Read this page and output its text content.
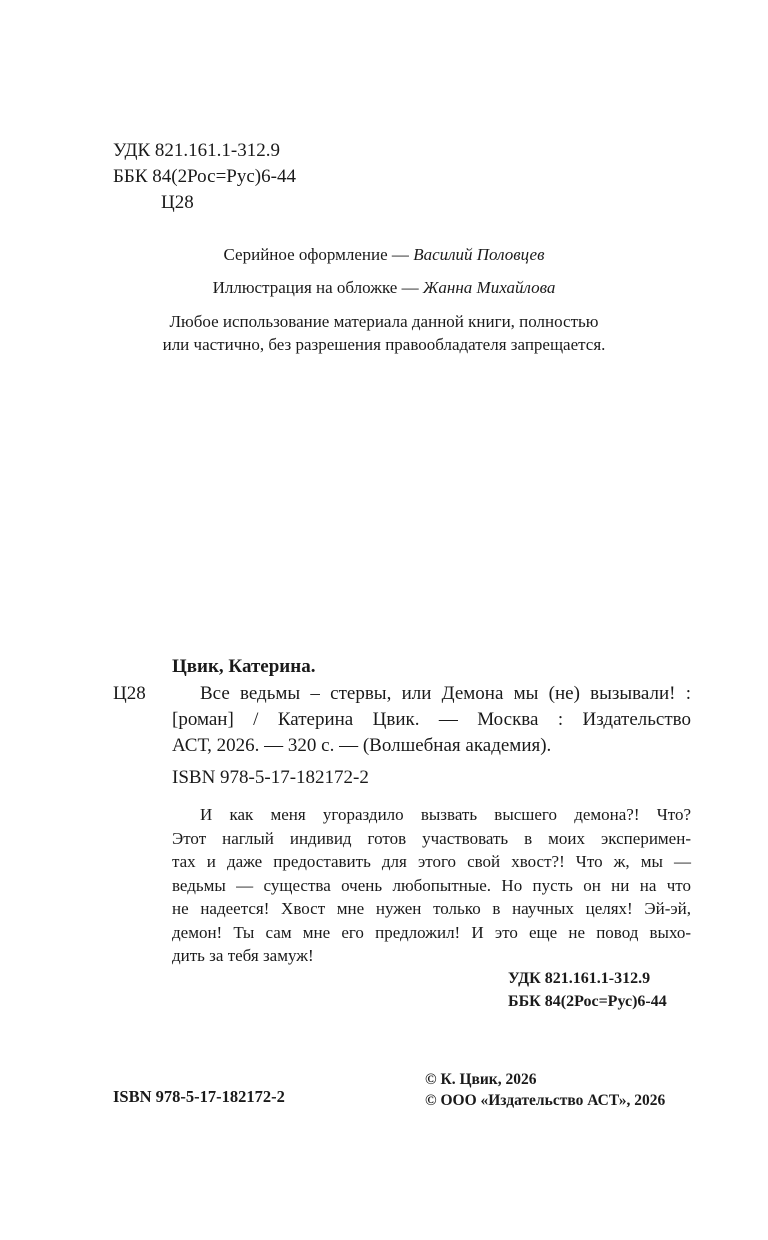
УДК 821.161.1-312.9
ББК 84(2Рос=Рус)6-44
Ц28
Серийное оформление — Василий Половцев
Иллюстрация на обложке — Жанна Михайлова
Любое использование материала данной книги, полностью
или частично, без разрешения правообладателя запрещается.
Цвик, Катерина.
Ц28	Все ведьмы – стервы, или Демона мы (не) вызывали! :
[роман] / Катерина Цвик. — Москва : Издательство
АСТ, 2026. — 320 с. — (Волшебная академия).
ISBN 978-5-17-182172-2
И как меня угораздило вызвать высшего демона?! Что?
Этот наглый индивид готов участвовать в моих эксперимен-
тах и даже предоставить для этого свой хвост?! Что ж, мы —
ведьмы — существа очень любопытные. Но пусть он ни на что
не надеется! Хвост мне нужен только в научных целях! Эй-эй,
демон! Ты сам мне его предложил! И это еще не повод выхо-
дить за тебя замуж!
УДК 821.161.1-312.9
ББК 84(2Рос=Рус)6-44
ISBN 978-5-17-182172-2
© К. Цвик, 2026
© ООО «Издательство АСТ», 2026
